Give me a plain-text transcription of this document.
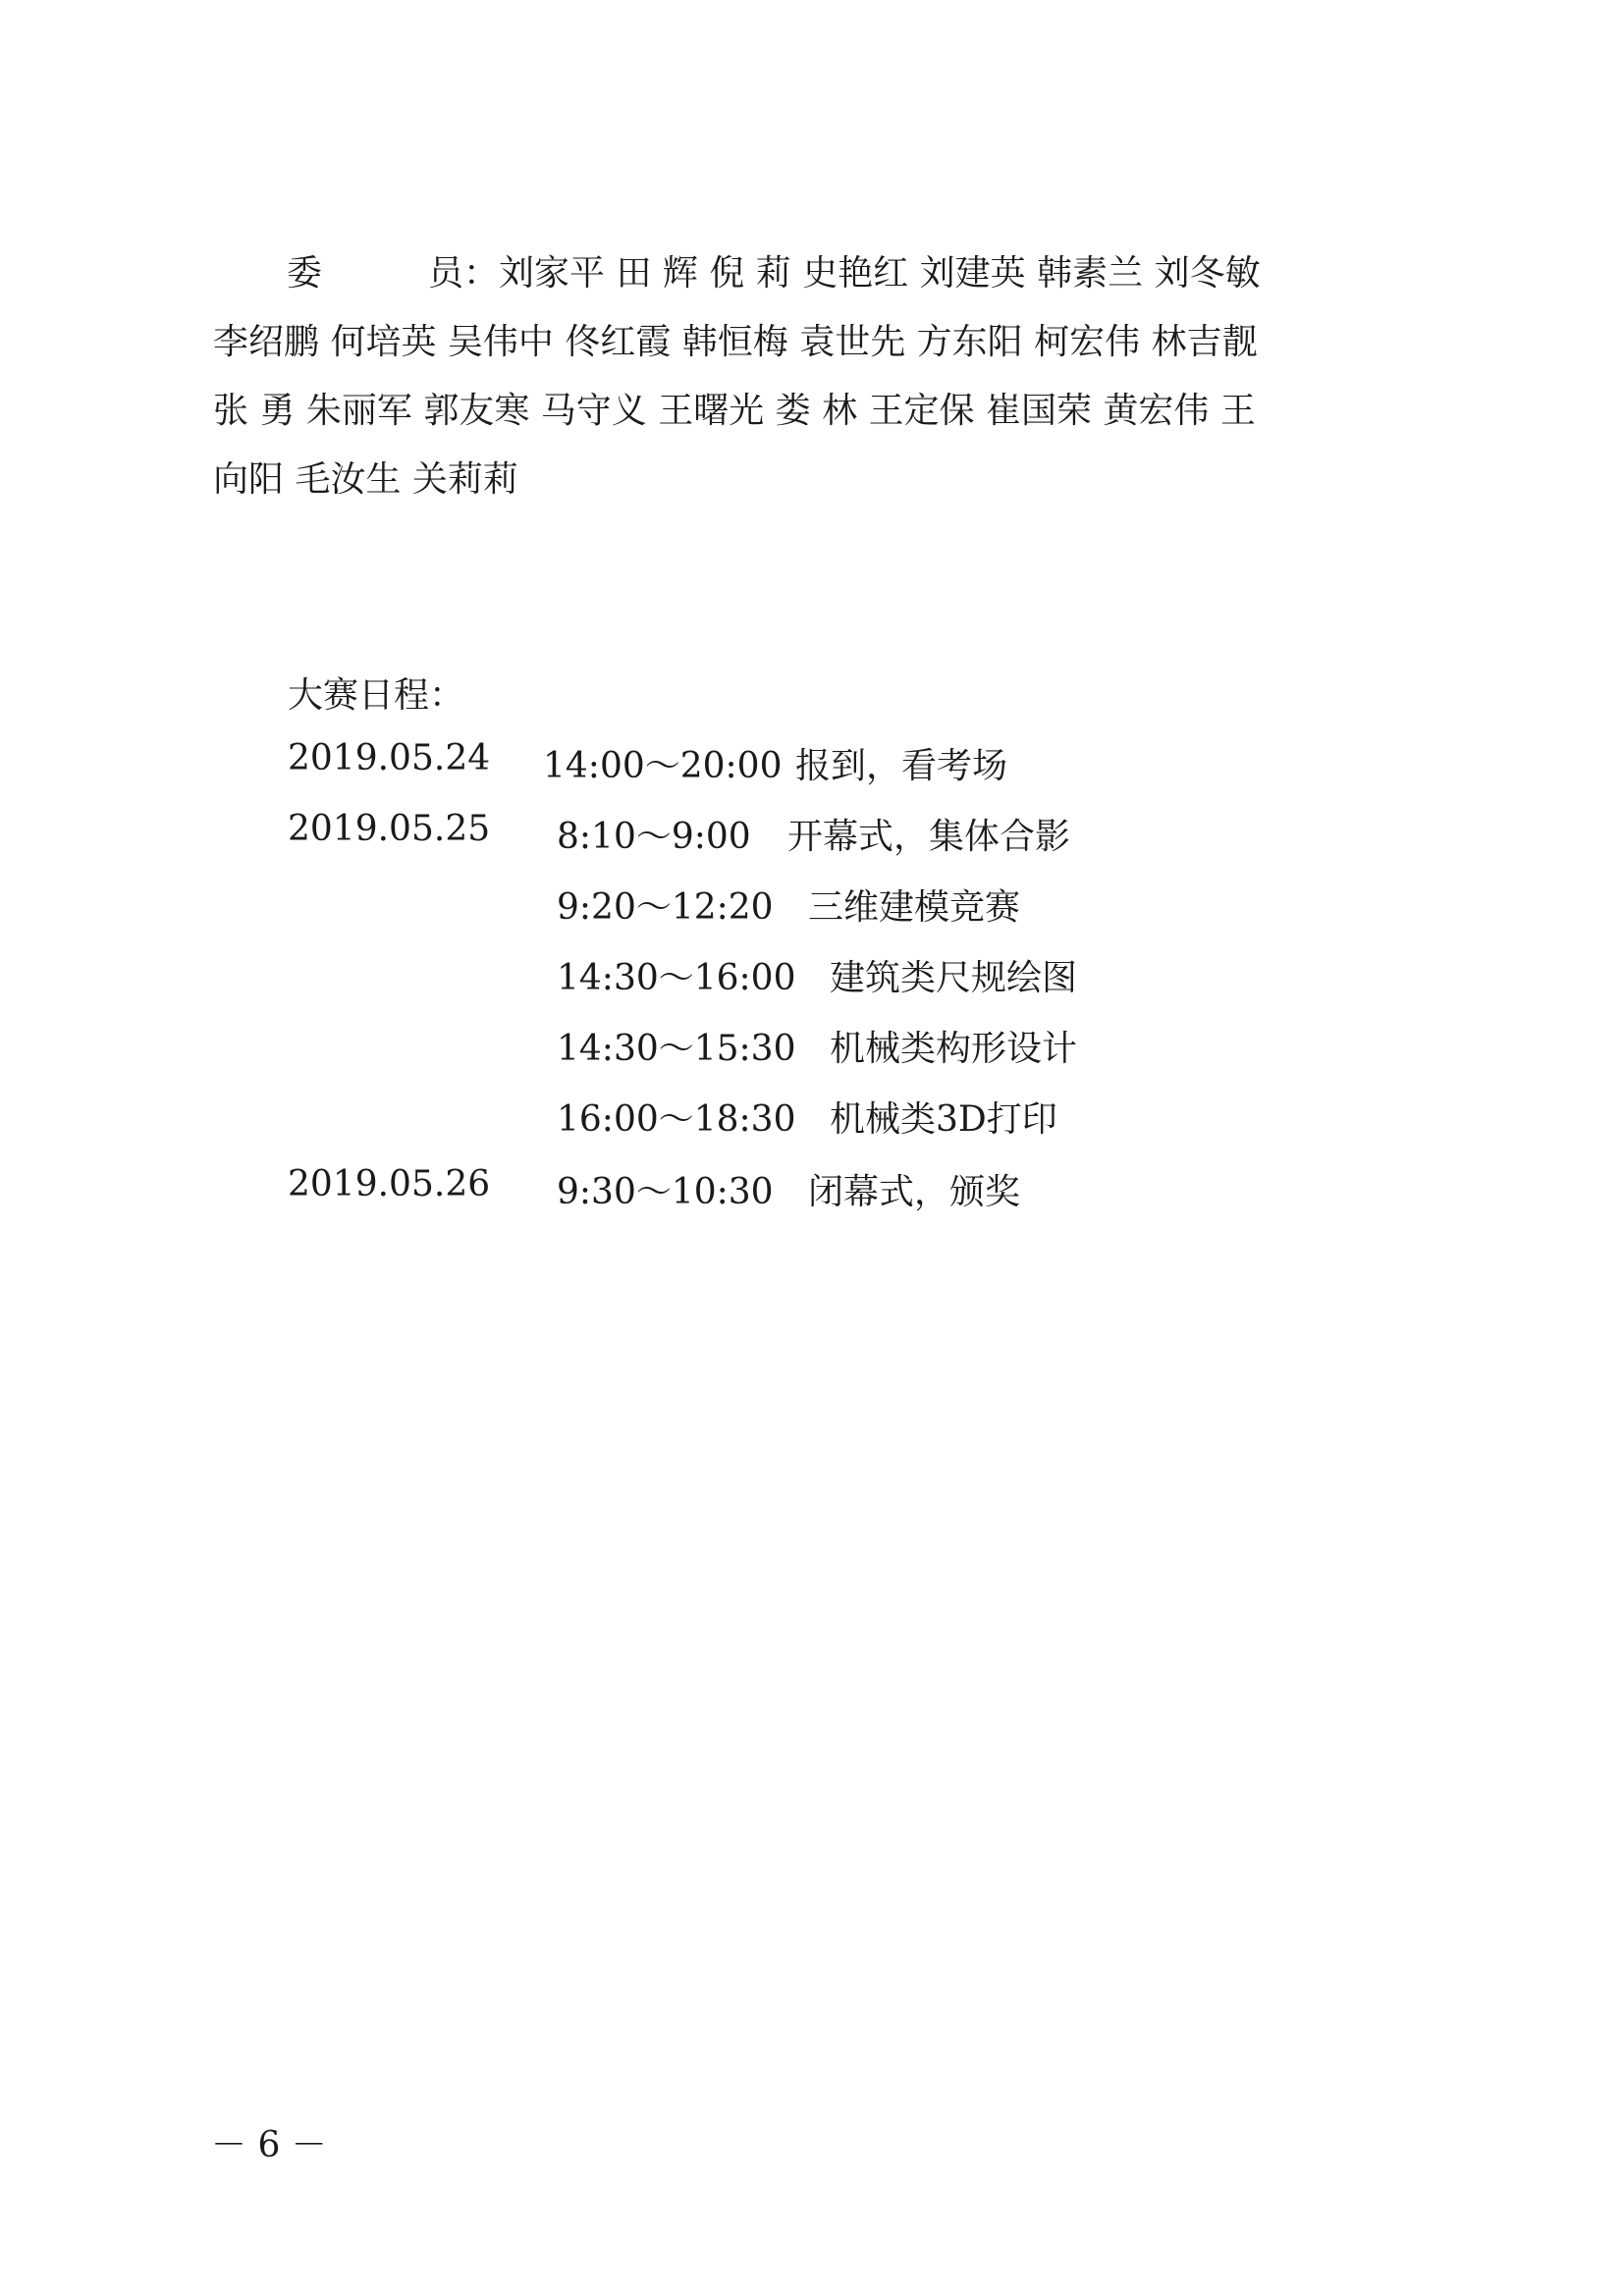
委　　　员：刘家平 田 辉 倪 莉 史艳红 刘建英 韩素兰 刘冬敏
李绍鹏 何培英 吴伟中 佟红霞 韩恒梅 袁世先 方东阳 柯宏伟 林吉靓
张 勇 朱丽军 郭友寒 马守义 王曙光 娄 林 王定保 崔国荣 黄宏伟 王
向阳 毛汝生 关莉莉
大赛日程：
2019.05.24 14:00～20:00 报到，看考场
2019.05.25 8:10～9:00 开幕式，集体合影
9:20～12:20 三维建模竞赛
14:30～16:00 建筑类尺规绘图
14:30～15:30 机械类构形设计
16:00～18:30 机械类3D打印
2019.05.26 9:30～10:30 闭幕式，颁奖
－ 6 －
